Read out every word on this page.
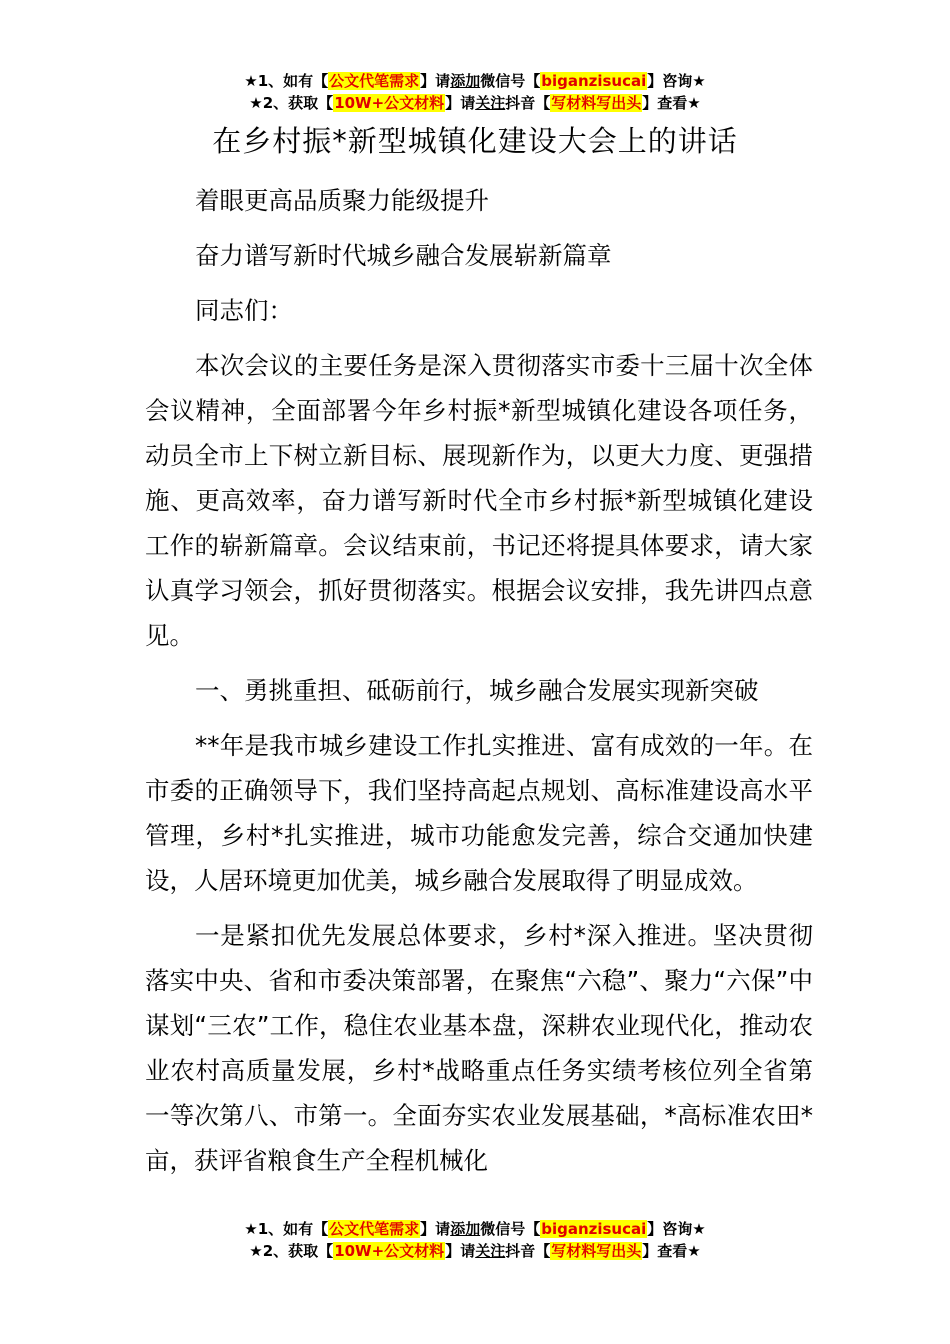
★1、如有【公文代笔需求】请添加微信号【biganzisucai】咨询★
★2、获取【10W+公文材料】请关注抖音【写材料写出头】查看★
在乡村振*新型城镇化建设大会上的讲话

着眼更高品质聚力能级提升

奋力谱写新时代城乡融合发展崭新篇章

同志们：

本次会议的主要任务是深入贯彻落实市委十三届十次全体会议精神，全面部署今年乡村振*新型城镇化建设各项任务，动员全市上下树立新目标、展现新作为，以更大力度、更强措施、更高效率，奋力谱写新时代全市乡村振*新型城镇化建设工作的崭新篇章。会议结束前，书记还将提具体要求，请大家认真学习领会，抓好贯彻落实。根据会议安排，我先讲四点意见。

一、勇挑重担、砥砺前行，城乡融合发展实现新突破

**年是我市城乡建设工作扎实推进、富有成效的一年。在市委的正确领导下，我们坚持高起点规划、高标准建设高水平管理，乡村*扎实推进，城市功能愈发完善，综合交通加快建设，人居环境更加优美，城乡融合发展取得了明显成效。

一是紧扣优先发展总体要求，乡村*深入推进。坚决贯彻落实中央、省和市委决策部署，在聚焦“六稳”、聚力“六保”中谋划“三农”工作，稳住农业基本盘，深耕农业现代化，推动农业农村高质量发展，乡村*战略重点任务实绩考核位列全省第一等次第八、市第一。全面夯实农业发展基础，*高标准农田*亩，获评省粮食生产全程机械化

★1、如有【公文代笔需求】请添加微信号【biganzisucai】咨询★
★2、获取【10W+公文材料】请关注抖音【写材料写出头】查看★
